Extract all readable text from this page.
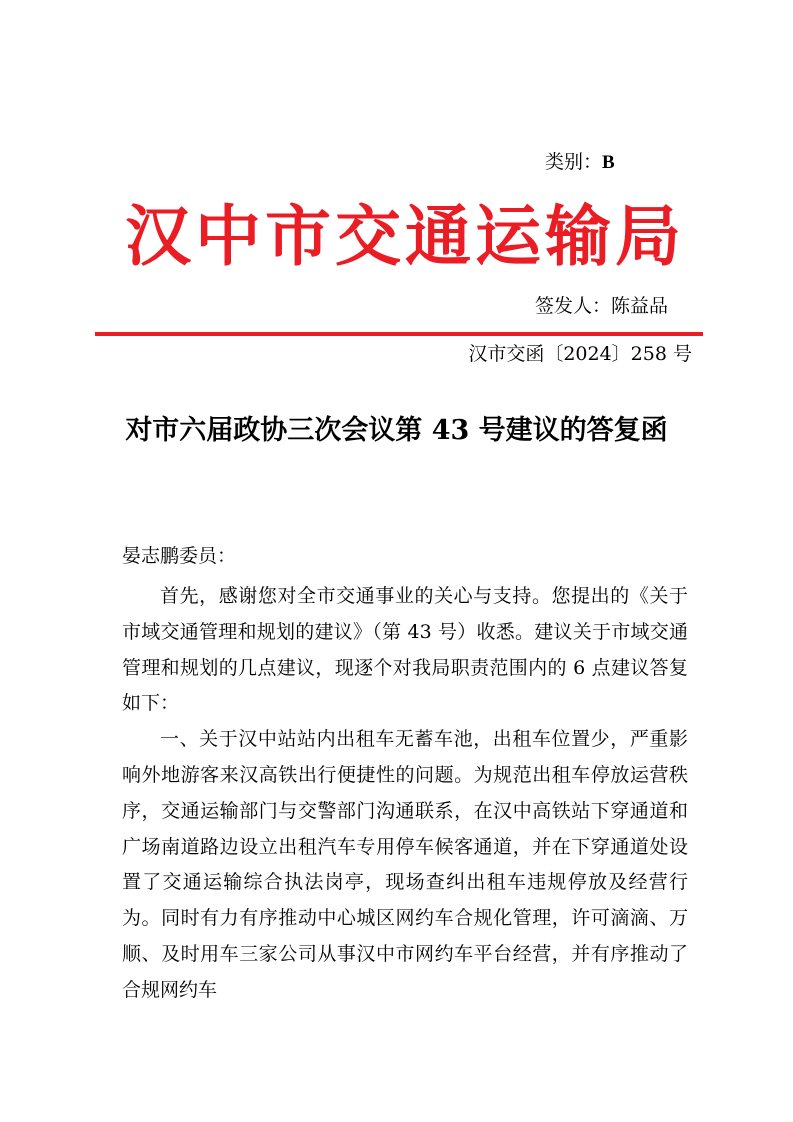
类别：B
汉中市交通运输局
签发人：陈益品
汉市交函〔2024〕258 号
对市六届政协三次会议第 43 号建议的答复函
晏志鹏委员：

首先，感谢您对全市交通事业的关心与支持。您提出的《关于市域交通管理和规划的建议》（第 43 号）收悉。建议关于市域交通管理和规划的几点建议，现逐个对我局职责范围内的 6 点建议答复如下：

一、关于汉中站站内出租车无蓄车池，出租车位置少，严重影响外地游客来汉高铁出行便捷性的问题。为规范出租车停放运营秩序，交通运输部门与交警部门沟通联系，在汉中高铁站下穿通道和广场南道路边设立出租汽车专用停车候客通道，并在下穿通道处设置了交通运输综合执法岗亭，现场查纠出租车违规停放及经营行为。同时有力有序推动中心城区网约车合规化管理，许可滴滴、万顺、及时用车三家公司从事汉中市网约车平台经营，并有序推动了合规网约车
